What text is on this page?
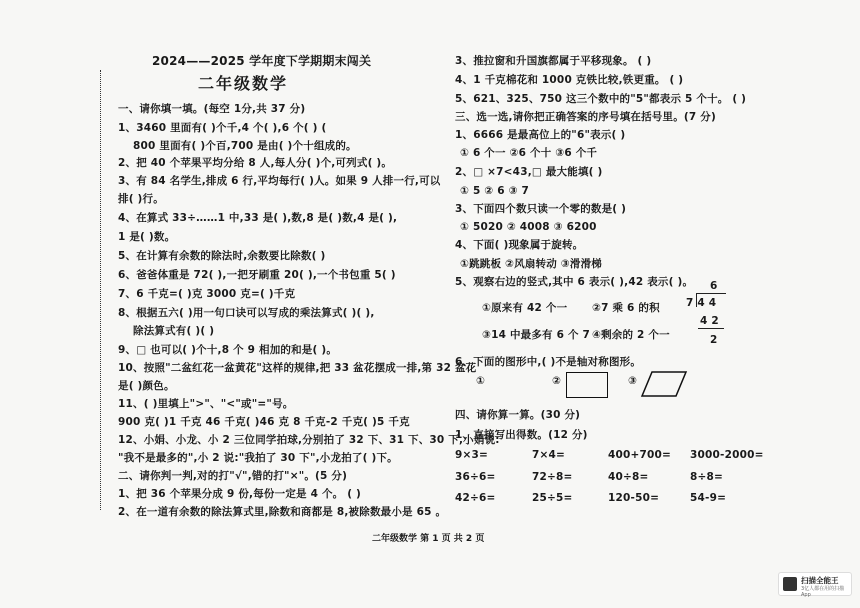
2024——2025 学年度下学期期末闯关
二年级数学
一、请你填一填。(每空 1分,共 37 分)
1、3460 里面有( )个千,4 个( ),6 个( ) (
800 里面有( )个百,700 是由( )个十组成的。
2、把 40 个苹果平均分给 8 人,每人分( )个,可列式( )。
3、有 84 名学生,排成 6 行,平均每行( )人。如果 9 人排一行,可以
排( )行。
4、在算式 33÷……1 中,33 是( ),数,8 是( )数,4 是( ),
1 是( )数。
5、在计算有余数的除法时,余数要比除数( )
6、爸爸体重是 72( ),一把牙刷重 20( ),一个书包重 5( )
7、6 千克=( )克 3000 克=( )千克
8、根据五六( )用一句口诀可以写成的乘法算式( )( ),
除法算式有( )( )
9、□ 也可以( )个十,8 个 9 相加的和是( )。
10、按照"二盆红花一盆黄花"这样的规律,把 33 盆花摆成一排,第 32 盆花
是( )颜色。
11、( )里填上">"、"<"或"="号。
900 克( )1 千克 46 千克( )46 克 8 千克-2 千克( )5 千克
12、小娟、小龙、小 2 三位同学拍球,分别拍了 32 下、31 下、30 下,小娟说:
"我不是最多的",小 2 说:"我拍了 30 下",小龙拍了( )下。
二、请你判一判,对的打"√",错的打"×"。(5 分)
1、把 36 个苹果分成 9 份,每份一定是 4 个。 ( )
2、在一道有余数的除法算式里,除数和商都是 8,被除数最小是 65 。
3、推拉窗和升国旗都属于平移现象。 ( )
4、1 千克棉花和 1000 克铁比较,铁更重。 ( )
5、621、325、750 这三个数中的"5"都表示 5 个十。 ( )
三、选一选,请你把正确答案的序号填在括号里。(7 分)
1、6666 是最高位上的"6"表示( )
① 6 个一 ②6 个十 ③6 个千
2、□ ×7<43,□ 最大能填( )
① 5 ② 6 ③ 7
3、下面四个数只读一个零的数是( )
① 5020 ② 4008 ③ 6200
4、下面( )现象属于旋转。
①跳跳板 ②风扇转动 ③滑滑梯
5、观察右边的竖式,其中 6 表示( ),42 表示( )。
①原来有 42 个一 ②7 乘 6 的积
③14 中最多有 6 个 7 ④剩余的 2 个一
6
7 4 4
4 2
2
6、下面的图形中,( )不是轴对称图形。
①	②	③
四、请你算一算。(30 分)
1、直接写出得数。(12 分)
9×3=	7×4=	400+700= 3000-2000=
36÷6=	72÷8=	40÷8=	8÷8=
42÷6=	25÷5=	120-50=	54-9=
二年级数学 第 1 页 共 2 页
扫描全能王
3亿人都在用的扫描App
